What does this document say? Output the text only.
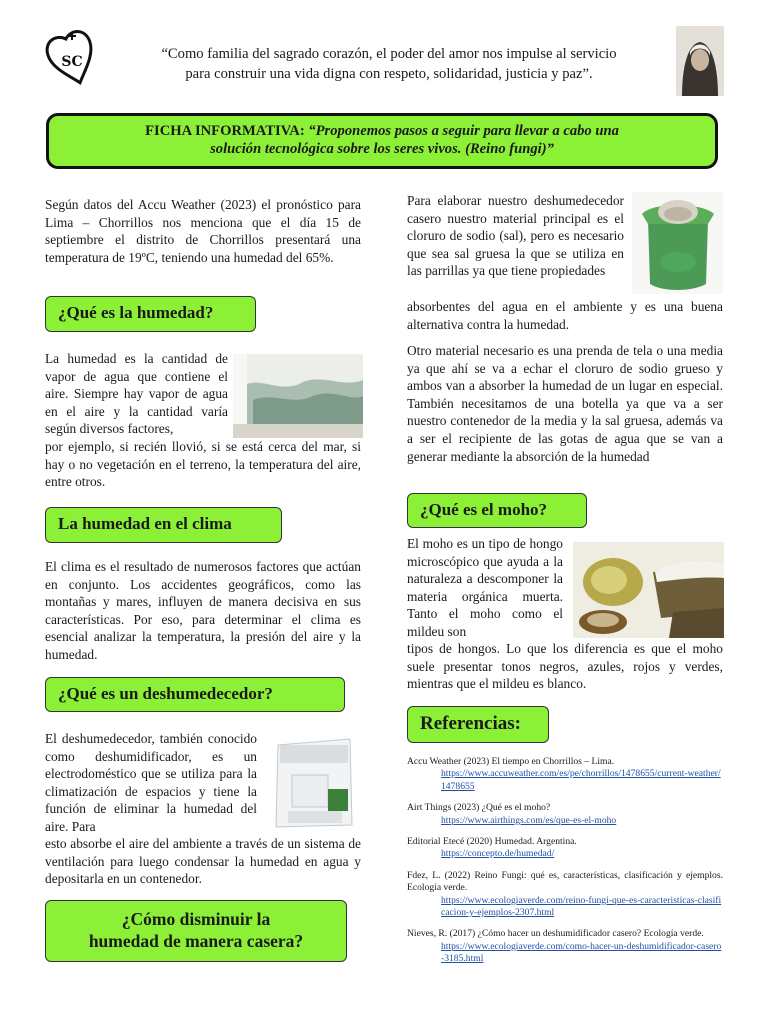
SC	“Como familia del sagrado corazón, el poder del amor nos impulse al servicio
para construir una vida digna con respeto, solidaridad, justicia y paz”.
FICHA INFORMATIVA: “Proponemos pasos a seguir para llevar a cabo una
solución tecnológica sobre los seres vivos. (Reino fungi)”

Según datos del Accu Weather (2023) el pronóstico para Lima – Chorrillos nos menciona que el día 15 de septiembre el distrito de Chorrillos presentará una temperatura de 19ºC, teniendo una humedad del 65%.

¿Qué es la humedad?

La humedad es la cantidad de vapor de agua que contiene el aire. Siempre hay vapor de agua en el aire y la cantidad varía según diversos factores,

por ejemplo, si recién llovió, si se está cerca del mar, si hay o no vegetación en el terreno, la temperatura del aire, entre otros.

La humedad en el clima

El clima es el resultado de numerosos factores que actúan en conjunto. Los accidentes geográficos, como las montañas y mares, influyen de manera decisiva en sus características. Por eso, para determinar el clima es esencial analizar la temperatura, la presión del aire y la humedad.

¿Qué es un deshumedecedor?

El deshumedecedor, también conocido como deshumidificador, es un electrodoméstico que se utiliza para la climatización de espacios y tiene la función de eliminar la humedad del aire. Para

esto absorbe el aire del ambiente a través de un sistema de ventilación para luego condensar la humedad en agua y depositarla en un contenedor.

¿Cómo disminuir la
humedad de manera casera?

Para elaborar nuestro deshumedecedor casero nuestro material principal es el cloruro de sodio (sal), pero es necesario que sea sal gruesa la que se utiliza en las parrillas ya que tiene propiedades

absorbentes del agua en el ambiente y es una buena alternativa contra la humedad.

Otro material necesario es una prenda de tela o una media ya que ahí se va a echar el cloruro de sodio grueso y ambos van a absorber la humedad de un lugar en especial. También necesitamos de una botella ya que va a ser nuestro contenedor de la media y la sal gruesa, además va a ser el recipiente de las gotas de agua que se van a generar mediante la absorción de la humedad

¿Qué es el moho?

El moho es un tipo de hongo microscópico que ayuda a la naturaleza a descomponer la materia orgánica muerta. Tanto el moho como el mildeu son

tipos de hongos. Lo que los diferencia es que el moho suele presentar tonos negros, azules, rojos y verdes, mientras que el mildeu es blanco.

Referencias:
Accu Weather (2023) El tiempo en Chorrillos – Lima.
https://www.accuweather.com/es/pe/chorrillos/1478655/current-weather/1478655
Airt Things (2023) ¿Qué es el moho?
https://www.airthings.com/es/que-es-el-moho
Editorial Etecé (2020) Humedad. Argentina.
https://concepto.de/humedad/
Fdez, L. (2022) Reino Fungi: qué es, características, clasificación y ejemplos. Ecología verde.
https://www.ecologiaverde.com/reino-fungi-que-es-caracteristicas-clasificacion-y-ejemplos-2307.html
Nieves, R. (2017) ¿Cómo hacer un deshumidificador casero? Ecología verde.
https://www.ecologiaverde.com/como-hacer-un-deshumidificador-casero-3185.html
